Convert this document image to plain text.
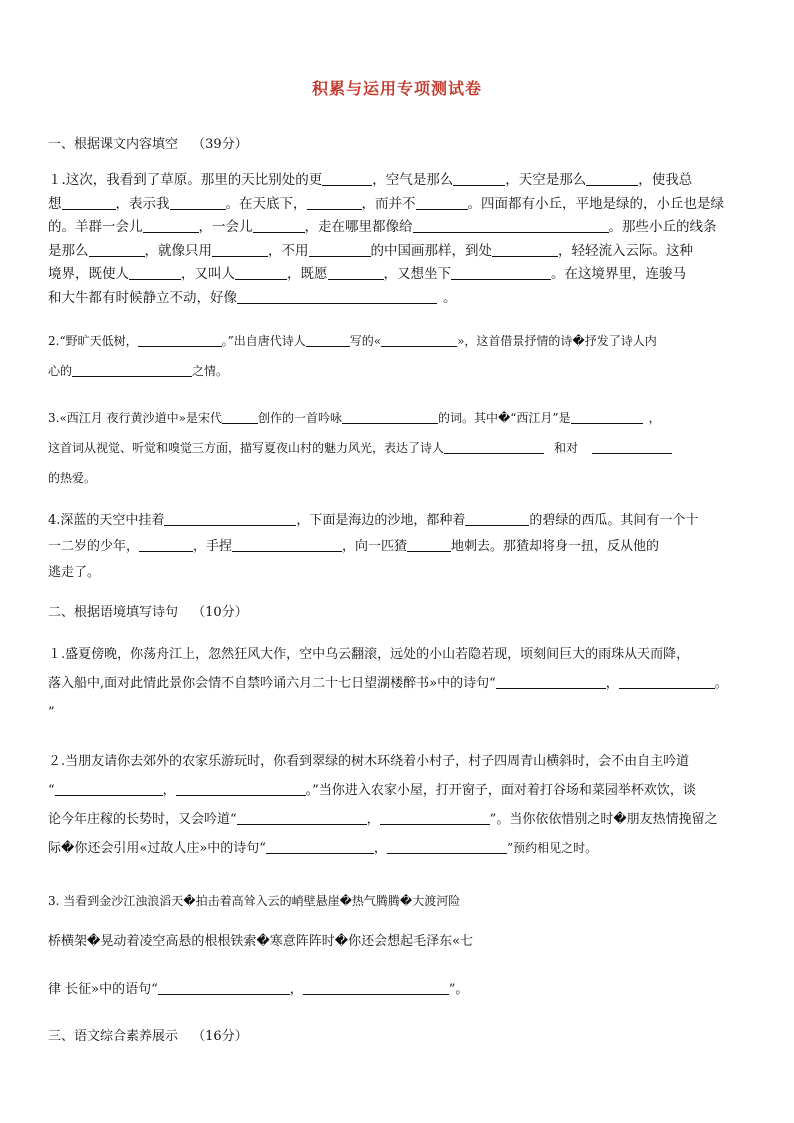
积累与运用专项测试卷
一、根据课文内容填空 （39分）
１.这次，我看到了草原。那里的天比别处的更	，空气是那么	，天空是那么	，使我总
想	，表示我	。在天底下，	，而并不	。四面都有小丘，平地是绿的，小丘也是绿
的。羊群一会儿	，一会儿	，走在哪里都像给	。那些小丘的线条
是那么	，就像只用	，不用	的中国画那样，到处	，轻轻流入云际。这种
境界，既使人	，又叫人	，既愿	，又想坐下	。在这境界里，连骏马
和大牛都有时候静立不动，好像	。
2.“野旷天低树，	。”出自唐代诗人	写的«	»，这首借景抒情的诗�抒发了诗人内
心的	之情。
3.«西江月 夜行黄沙道中»是宋代	创作的一首吟咏	的词。其中�“西江月”是	，
这首词从视觉、听觉和嗅觉三方面，描写夏夜山村的魅力风光，表达了诗人	和对
的热爱。
4.深蓝的天空中挂着	，下面是海边的沙地，都种着	的碧绿的西瓜。其间有一个十
一二岁的少年，	，手捏	，向一匹猹	地刺去。那猹却将身一扭，反从他的
逃走了。
二、根据语境填写诗句 （10分）
１.盛夏傍晚，你荡舟江上，忽然狂风大作，空中乌云翻滚，远处的小山若隐若现，顷刻间巨大的雨珠从天而降，
落入船中,面对此情此景你会情不自禁吟诵六月二十七日望湖楼醉书»中的诗句“	，	。
”
２.当朋友请你去郊外的农家乐游玩时，你看到翠绿的树木环绕着小村子，村子四周青山横斜时，会不由自主吟道
“	，	。”当你进入农家小屋，打开窗子，面对着打谷场和菜园举杯欢饮，谈
论今年庄稼的长势时，又会吟道“	，	”。当你依依惜别之时�朋友热情挽留之
际�你还会引用«过故人庄»中的诗句“	，	”预约相见之时。
3. 当看到金沙江浊浪滔天�拍击着高耸入云的峭壁悬崖�热气腾腾�大渡河险
桥横架�晃动着凌空高悬的根根铁索�寒意阵阵时�你还会想起毛泽东«七
律 长征»中的语句“	，	”。
三、语文综合素养展示 （16分）
